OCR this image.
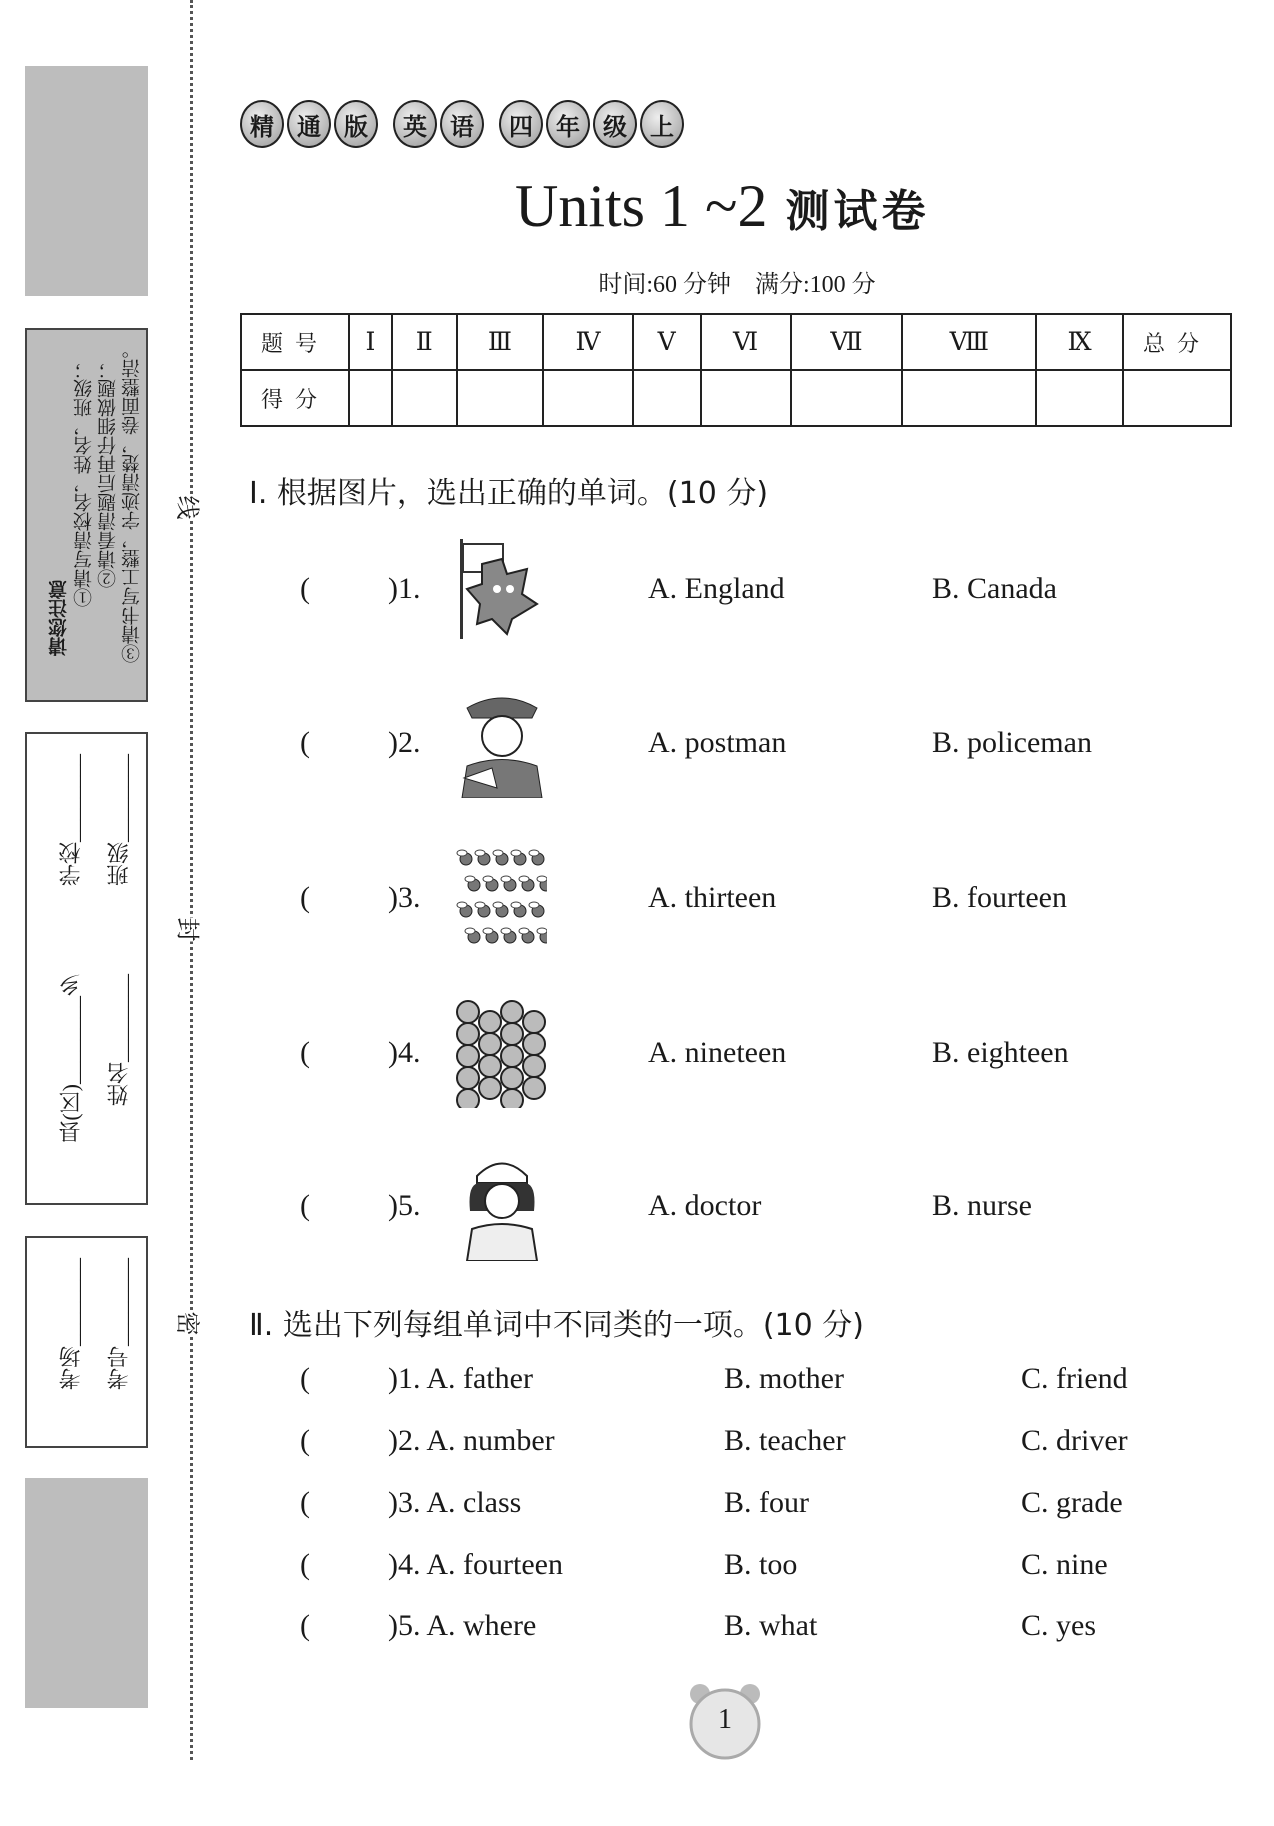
请您注意
①请写清校名，姓名，班级； ②请看清题后再仔细做题； ③请书写工整，字迹清楚，卷面整洁。
县(区)________乡
学校________
姓名________
班级________
考场________ 考号________
线
封
密
精 通 版 英 语 四 年 级 上
Units 1 ~2 测试卷
时间:60 分钟　满分:100 分
题号	Ⅰ	Ⅱ	Ⅲ	Ⅳ	Ⅴ	Ⅵ	Ⅶ	Ⅷ	Ⅸ	总分
得分										
Ⅰ. 根据图片，选出正确的单词。(10 分)
(	)1.	A. England	B. Canada
(	)2.	A. postman	B. policeman
(	)3.	A. thirteen	B. fourteen
(	)4.	A. nineteen	B. eighteen
(	)5.	A. doctor	B. nurse
Ⅱ. 选出下列每组单词中不同类的一项。(10 分)
(	)1. A. father	B. mother	C. friend
(	)2. A. number	B. teacher	C. driver
(	)3. A. class	B. four	C. grade
(	)4. A. fourteen	B. too	C. nine
(	)5. A. where	B. what	C. yes
1
